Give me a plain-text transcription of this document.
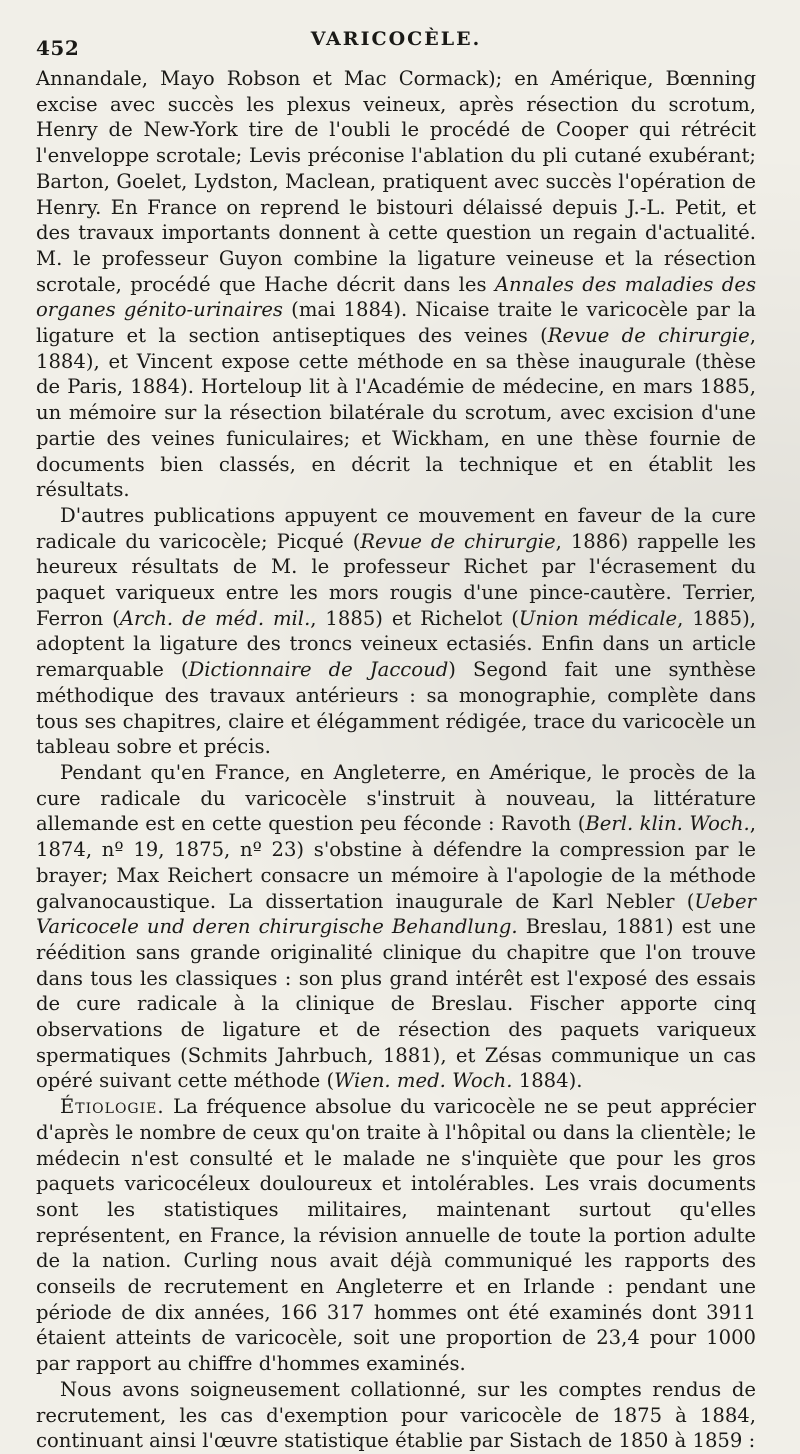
452	VARICOCÈLE.

Annandale, Mayo Robson et Mac Cormack); en Amérique, Bœnning excise avec succès les plexus veineux, après résection du scrotum, Henry de New-York tire de l'oubli le procédé de Cooper qui rétrécit l'enveloppe scrotale; Levis préconise l'ablation du pli cutané exubérant; Barton, Goelet, Lydston, Maclean, pratiquent avec succès l'opération de Henry. En France on reprend le bistouri délaissé depuis J.-L. Petit, et des travaux importants donnent à cette question un regain d'actualité. M. le professeur Guyon combine la ligature veineuse et la résection scrotale, procédé que Hache décrit dans les Annales des maladies des organes génito-urinaires (mai 1884). Nicaise traite le varicocèle par la ligature et la section antiseptiques des veines (Revue de chirurgie, 1884), et Vincent expose cette méthode en sa thèse inaugurale (thèse de Paris, 1884). Horteloup lit à l'Académie de médecine, en mars 1885, un mémoire sur la résection bilatérale du scrotum, avec excision d'une partie des veines funiculaires; et Wickham, en une thèse fournie de documents bien classés, en décrit la technique et en établit les résultats.

D'autres publications appuyent ce mouvement en faveur de la cure radicale du varicocèle; Picqué (Revue de chirurgie, 1886) rappelle les heureux résultats de M. le professeur Richet par l'écrasement du paquet variqueux entre les mors rougis d'une pince-cautère. Terrier, Ferron (Arch. de méd. mil., 1885) et Richelot (Union médicale, 1885), adoptent la ligature des troncs veineux ectasiés. Enfin dans un article remarquable (Dictionnaire de Jaccoud) Segond fait une synthèse méthodique des travaux antérieurs : sa monographie, complète dans tous ses chapitres, claire et élégamment rédigée, trace du varicocèle un tableau sobre et précis.

Pendant qu'en France, en Angleterre, en Amérique, le procès de la cure radicale du varicocèle s'instruit à nouveau, la littérature allemande est en cette question peu féconde : Ravoth (Berl. klin. Woch., 1874, nº 19, 1875, nº 23) s'obstine à défendre la compression par le brayer; Max Reichert consacre un mémoire à l'apologie de la méthode galvanocaustique. La dissertation inaugurale de Karl Nebler (Ueber Varicocele und deren chirurgische Behandlung. Breslau, 1881) est une réédition sans grande originalité clinique du chapitre que l'on trouve dans tous les classiques : son plus grand intérêt est l'exposé des essais de cure radicale à la clinique de Breslau. Fischer apporte cinq observations de ligature et de résection des paquets variqueux spermatiques (Schmits Jahrbuch, 1881), et Zésas communique un cas opéré suivant cette méthode (Wien. med. Woch. 1884).

Étiologie. La fréquence absolue du varicocèle ne se peut apprécier d'après le nombre de ceux qu'on traite à l'hôpital ou dans la clientèle; le médecin n'est consulté et le malade ne s'inquiète que pour les gros paquets varicocéleux douloureux et intolérables. Les vrais documents sont les statistiques militaires, maintenant surtout qu'elles représentent, en France, la révision annuelle de toute la portion adulte de la nation. Curling nous avait déjà communiqué les rapports des conseils de recrutement en Angleterre et en Irlande : pendant une période de dix années, 166 317 hommes ont été examinés dont 3911 étaient atteints de varicocèle, soit une proportion de 23,4 pour 1000 par rapport au chiffre d'hommes examinés.

Nous avons soigneusement collationné, sur les comptes rendus de recrutement, les cas d'exemption pour varicocèle de 1875 à 1884, continuant ainsi l'œuvre statistique établie par Sistach de 1850 à 1859 :
